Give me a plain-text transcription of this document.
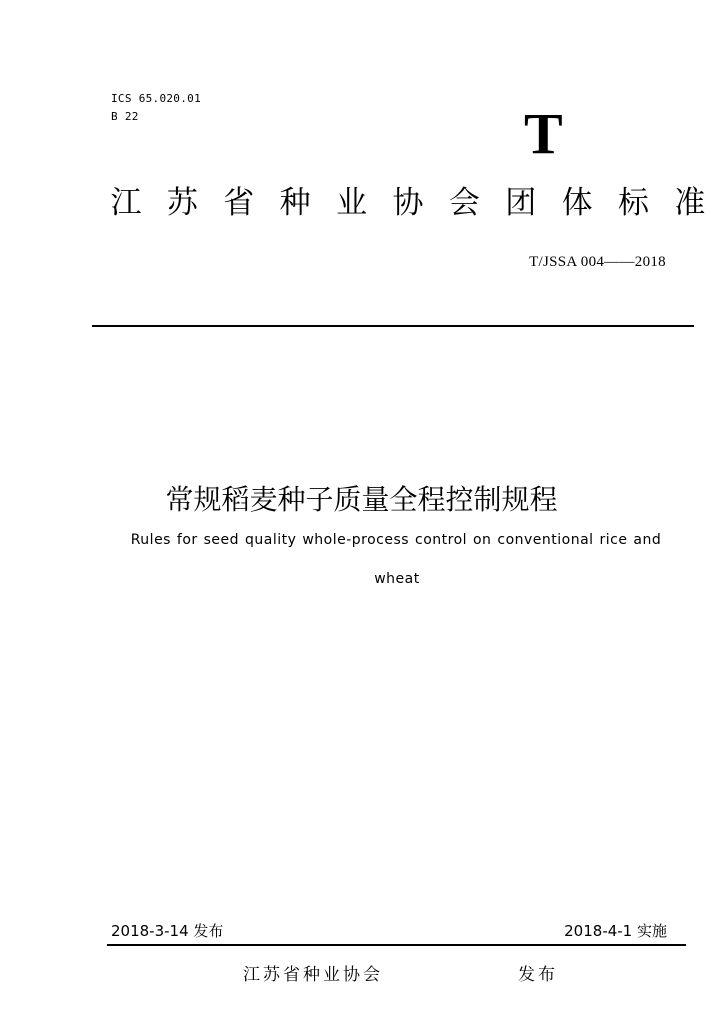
ICS 65.020.01
B 22	T
江 苏 省 种 业 协 会 团 体 标 准
T/JSSA 004——2018
常规稻麦种子质量全程控制规程
Rules for seed quality whole-process control on conventional rice and
wheat
2018-3-14 发布	2018-4-1 实施
江苏省种业协会	发布
